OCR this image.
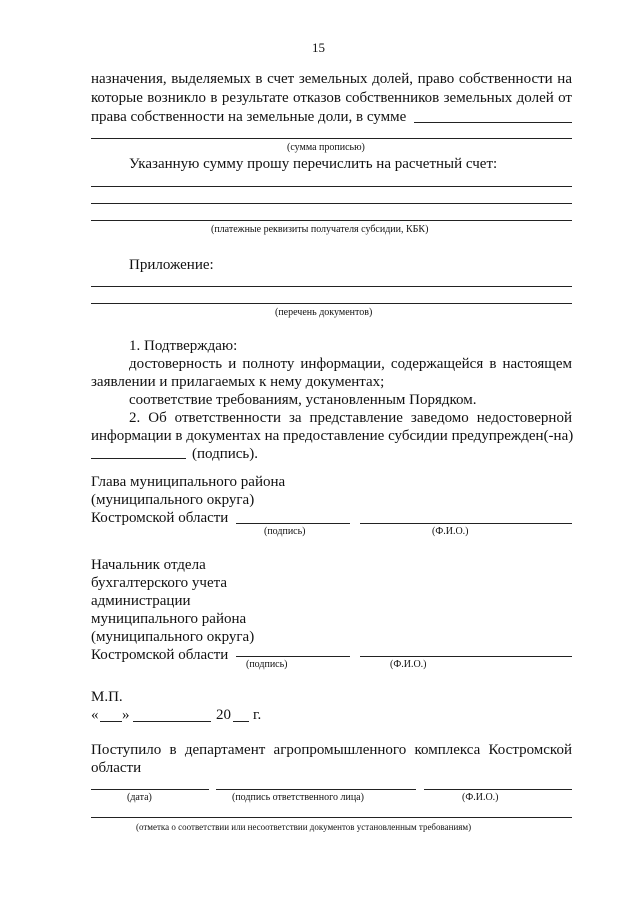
15
назначения, выделяемых в счет земельных долей, право собственности на
которые возникло в результате отказов собственников земельных долей от
права собственности на земельные доли, в сумме
(сумма прописью)
Указанную сумму прошу перечислить на расчетный счет:
(платежные реквизиты получателя субсидии, КБК)
Приложение:
(перечень документов)
1. Подтверждаю:
достоверность и полноту информации, содержащейся в настоящем
заявлении и прилагаемых к нему документах;
соответствие требованиям, установленным Порядком.
2. Об ответственности за представление заведомо недостоверной
информации в документах на предоставление субсидии предупрежден(-на)
(подпись).
Глава муниципального района
(муниципального округа)
Костромской области
(подпись)	(Ф.И.О.)
Начальник отдела
бухгалтерского учета
администрации
муниципального района
(муниципального округа)
Костромской области
(подпись)	(Ф.И.О.)
М.П.
« »	20 г.
Поступило в департамент агропромышленного комплекса Костромской
области
(дата)	(подпись ответственного лица)	(Ф.И.О.)
(отметка о соответствии или несоответствии документов установленным требованиям)
